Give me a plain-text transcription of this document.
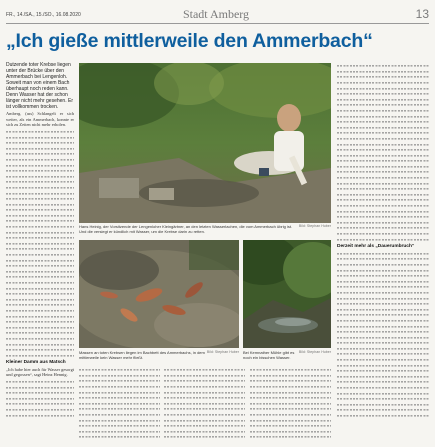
FR., 14./SA., 15./SO., 16.08.2020	Stadt Amberg	13
„Ich gieße mittlerweile den Ammerbach“

Dutzende toter Krebse liegen unter der Brücke über den Ammerbach bei Lengenloh. Soweit man von einem Bach überhaupt noch reden kann. Denn Wasser hat der schon länger nicht mehr gesehen. Er ist vollkommen trocken.

Amberg. (ass) Schlangelt er sich weiter, als ein Ammerbach, konnte er sich zu Zeiten nicht mehr erholen.

Kleiner Damm aus Matsch

„Ich habe hier auch für Wasser gesorgt und gegossen“, sagt Heinz Hennig.

Bild: Stephan Huber
Hans Heinig, der Vorsitzende der Lengenloher Kleingärtner, an den letzten Wasserlachen, die vom Ammerbach übrig ist. Und die versiegt er kündlich mit Wasser, um die Krebse darin zu retten.
Bild: Stephan Huber
Massen an toten Krebsen liegen im Bachbett des Ammerbachs, in dem mittlerweile kein Wasser mehr fließt.
Bild: Stephan Huber
Bei Kemnather Mühle gibt es noch ein bisschen Wasser.
Derzeit mehr als „Dauerumbruch“
